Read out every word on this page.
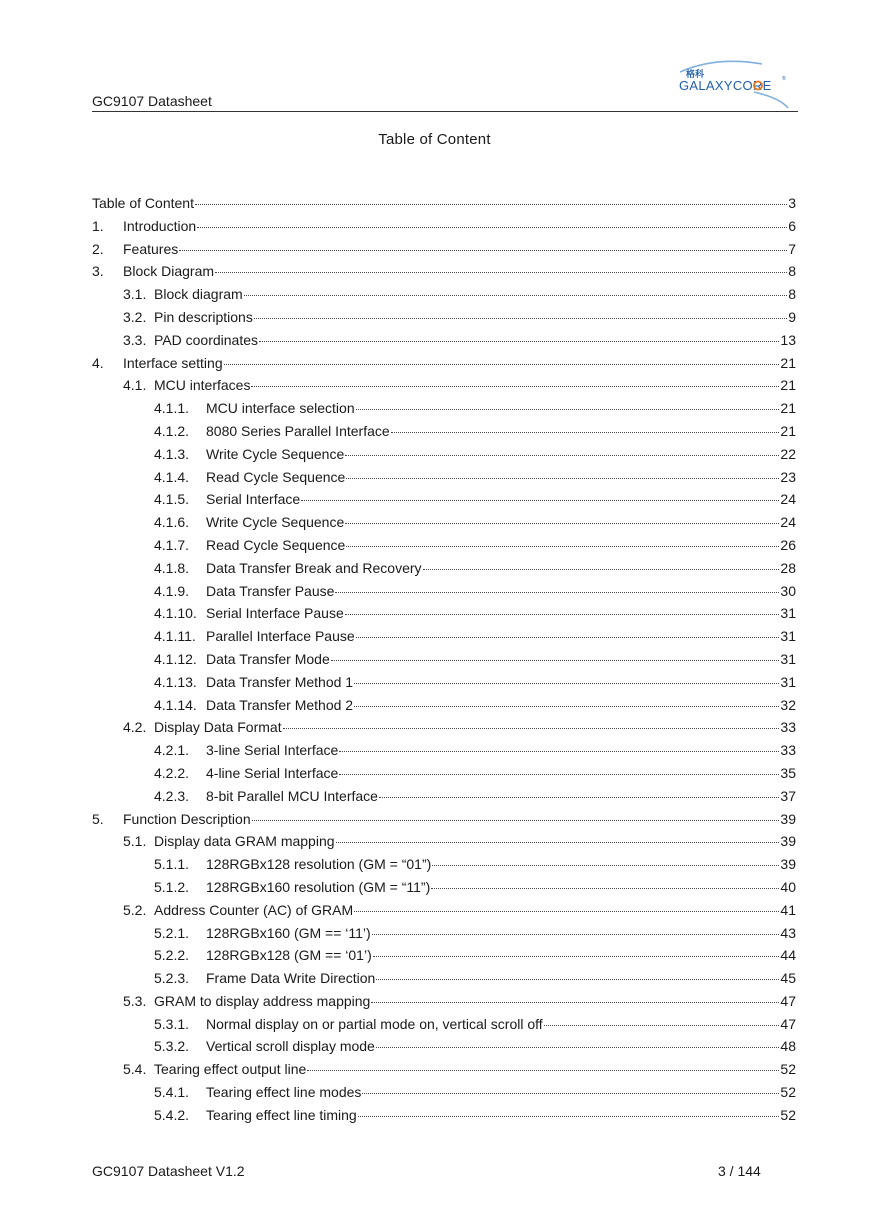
GC9107 Datasheet
格科
GALAXYCORE ®
Table of Content
Table of Content	3
1.	Introduction	6
2.	Features	7
3.	Block Diagram	8
3.1. Block diagram	8
3.2. Pin descriptions	9
3.3. PAD coordinates	13
4.	Interface setting	21
4.1. MCU interfaces	21
4.1.1.	MCU interface selection	21
4.1.2.	8080 Series Parallel Interface	21
4.1.3.	Write Cycle Sequence	22
4.1.4.	Read Cycle Sequence	23
4.1.5.	Serial Interface	24
4.1.6.	Write Cycle Sequence	24
4.1.7.	Read Cycle Sequence	26
4.1.8.	Data Transfer Break and Recovery	28
4.1.9.	Data Transfer Pause	30
4.1.10. Serial Interface Pause	31
4.1.11. Parallel Interface Pause	31
4.1.12. Data Transfer Mode	31
4.1.13. Data Transfer Method 1	31
4.1.14. Data Transfer Method 2	32
4.2. Display Data Format	33
4.2.1.	3-line Serial Interface	33
4.2.2.	4-line Serial Interface	35
4.2.3.	8-bit Parallel MCU Interface	37
5.	Function Description	39
5.1. Display data GRAM mapping	39
5.1.1.	128RGBx128 resolution (GM = “01”)	39
5.1.2.	128RGBx160 resolution (GM = “11”)	40
5.2. Address Counter (AC) of GRAM	41
5.2.1.	128RGBx160 (GM == ‘11’)	43
5.2.2.	128RGBx128 (GM == ‘01’)	44
5.2.3.	Frame Data Write Direction	45
5.3. GRAM to display address mapping	47
5.3.1.	Normal display on or partial mode on, vertical scroll off	47
5.3.2.	Vertical scroll display mode	48
5.4. Tearing effect output line	52
5.4.1.	Tearing effect line modes	52
5.4.2.	Tearing effect line timing	52
GC9107 Datasheet V1.2	3 / 144
